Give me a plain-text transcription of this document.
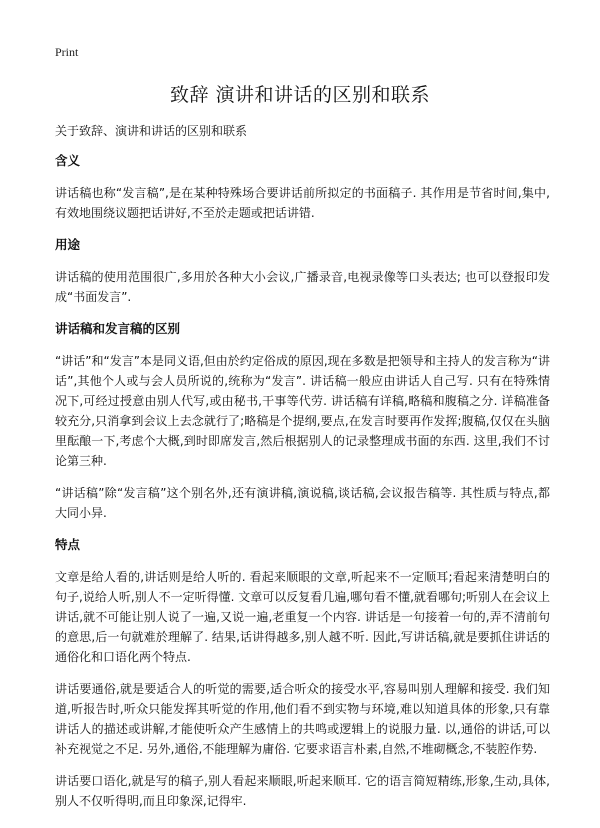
Print
致辞 演讲和讲话的区别和联系

关于致辞、演讲和讲话的区别和联系

含义

讲话稿也称“发言稿”,是在某种特殊场合要讲话前所拟定的书面稿子. 其作用是节省时间,集中,有效地围绕议题把话讲好,不至於走题或把话讲错.

用途

讲话稿的使用范围很广,多用於各种大小会议,广播录音,电视录像等口头表达; 也可以登报印发成“书面发言”.

讲话稿和发言稿的区别

“讲话”和“发言”本是同义语,但由於约定俗成的原因,现在多数是把领导和主持人的发言称为“讲话”,其他个人或与会人员所说的,统称为“发言”. 讲话稿一般应由讲话人自己写. 只有在特殊情况下,可经过授意由别人代写,或由秘书,干事等代劳. 讲话稿有详稿,略稿和腹稿之分. 详稿准备较充分,只消拿到会议上去念就行了;略稿是个提纲,要点,在发言时要再作发挥;腹稿,仅仅在头脑里酝酿一下,考虑个大概,到时即席发言,然后根据别人的记录整理成书面的东西. 这里,我们不讨论第三种.

“讲话稿”除“发言稿”这个别名外,还有演讲稿,演说稿,谈话稿,会议报告稿等. 其性质与特点,都大同小异.

特点

文章是给人看的,讲话则是给人听的. 看起来顺眼的文章,听起来不一定顺耳;看起来清楚明白的句子,说给人听,别人不一定听得懂. 文章可以反复看几遍,哪句看不懂,就看哪句;听别人在会议上讲话,就不可能让别人说了一遍,又说一遍,老重复一个内容. 讲话是一句接着一句的,弄不清前句的意思,后一句就难於理解了. 结果,话讲得越多,别人越不听. 因此,写讲话稿,就是要抓住讲话的通俗化和口语化两个特点.

讲话要通俗,就是要适合人的听觉的需要,适合听众的接受水平,容易叫别人理解和接受. 我们知道,听报告时,听众只能发挥其听觉的作用,他们看不到实物与环境,难以知道具体的形象,只有靠讲话人的描述或讲解,才能使听众产生感情上的共鸣或逻辑上的说服力量. 以,通俗的讲话,可以补充视觉之不足. 另外,通俗,不能理解为庸俗. 它要求语言朴素,自然,不堆砌概念,不装腔作势.

讲话要口语化,就是写的稿子,别人看起来顺眼,听起来顺耳. 它的语言简短精练,形象,生动,具体,别人不仅听得明,而且印象深,记得牢.
